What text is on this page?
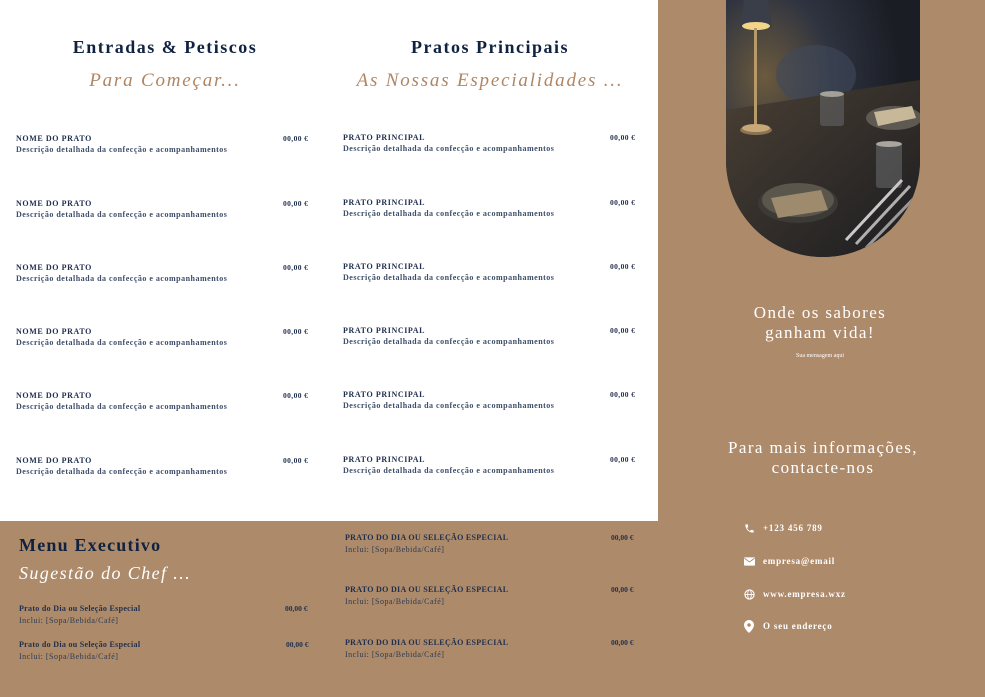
Entradas & Petiscos
Para Começar...
Pratos Principais
As Nossas Especialidades ...
NOME DO PRATO
Descrição detalhada da confecção e acompanhamentos
00,00 €
NOME DO PRATO
Descrição detalhada da confecção e acompanhamentos
00,00 €
NOME DO PRATO
Descrição detalhada da confecção e acompanhamentos
00,00 €
NOME DO PRATO
Descrição detalhada da confecção e acompanhamentos
00,00 €
NOME DO PRATO
Descrição detalhada da confecção e acompanhamentos
00,00 €
NOME DO PRATO
Descrição detalhada da confecção e acompanhamentos
00,00 €
PRATO PRINCIPAL
Descrição detalhada da confecção e acompanhamentos
00,00 €
PRATO PRINCIPAL
Descrição detalhada da confecção e acompanhamentos
00,00 €
PRATO PRINCIPAL
Descrição detalhada da confecção e acompanhamentos
00,00 €
PRATO PRINCIPAL
Descrição detalhada da confecção e acompanhamentos
00,00 €
PRATO PRINCIPAL
Descrição detalhada da confecção e acompanhamentos
00,00 €
PRATO PRINCIPAL
Descrição detalhada da confecção e acompanhamentos
00,00 €
Menu Executivo
Sugestão do Chef ...
Prato do Dia ou Seleção Especial
Inclui: [Sopa/Bebida/Café]
00,00 €
Prato do Dia ou Seleção Especial
Inclui: [Sopa/Bebida/Café]
00,00 €
PRATO DO DIA OU SELEÇÃO ESPECIAL
Inclui: [Sopa/Bebida/Café]
00,00 €
PRATO DO DIA OU SELEÇÃO ESPECIAL
Inclui: [Sopa/Bebida/Café]
00,00 €
PRATO DO DIA OU SELEÇÃO ESPECIAL
Inclui: [Sopa/Bebida/Café]
00,00 €
Onde os sabores
ganham vida!
Sua mensagem aqui
Para mais informações,
contacte-nos
+123 456 789
empresa@email
www.empresa.wxz
O seu endereço
